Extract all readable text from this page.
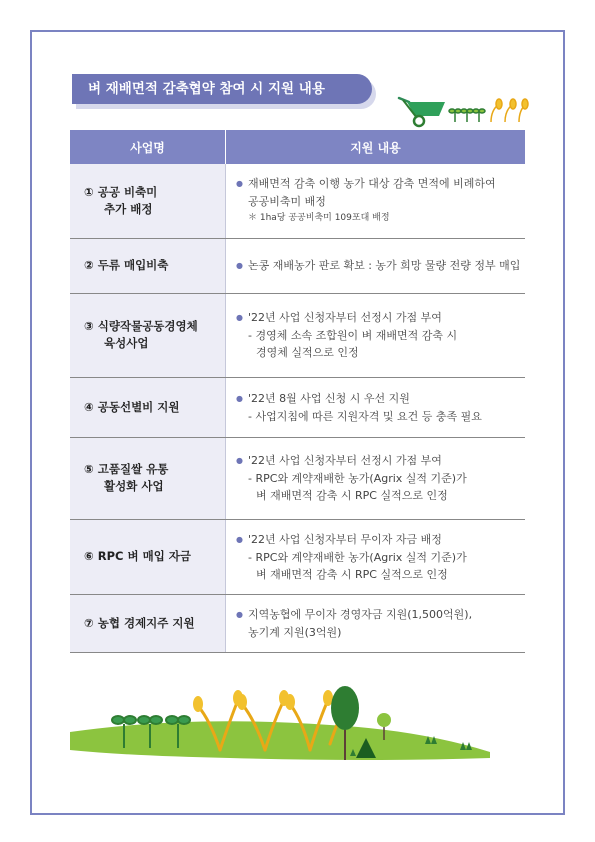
벼 재배면적 감축협약 참여 시 지원 내용
사업명	지원 내용

① 공공 비축미
추가 배정	● 재배면적 감축 이행 농가 대상 감축 면적에 비례하여
공공비축미 배정
＊ 1ha당 공공비축미 109포대 배정

② 두류 매입비축	● 논콩 재배농가 판로 확보 : 농가 희망 물량 전량 정부 매입

③ 식량작물공동경영체
육성사업	● '22년 사업 신청자부터 선정시 가점 부여
- 경영체 소속 조합원이 벼 재배면적 감축 시
경영체 실적으로 인정

④ 공동선별비 지원	● '22년 8월 사업 신청 시 우선 지원
- 사업지침에 따른 지원자격 및 요건 등 충족 필요

⑤ 고품질쌀 유통
활성화 사업	● '22년 사업 신청자부터 선정시 가점 부여
- RPC와 계약재배한 농가(Agrix 실적 기준)가
벼 재배면적 감축 시 RPC 실적으로 인정

⑥ RPC 벼 매입 자금	● '22년 사업 신청자부터 무이자 자금 배정
- RPC와 계약재배한 농가(Agrix 실적 기준)가
벼 재배면적 감축 시 RPC 실적으로 인정

⑦ 농협 경제지주 지원	● 지역농협에 무이자 경영자금 지원(1,500억원),
농기계 지원(3억원)
